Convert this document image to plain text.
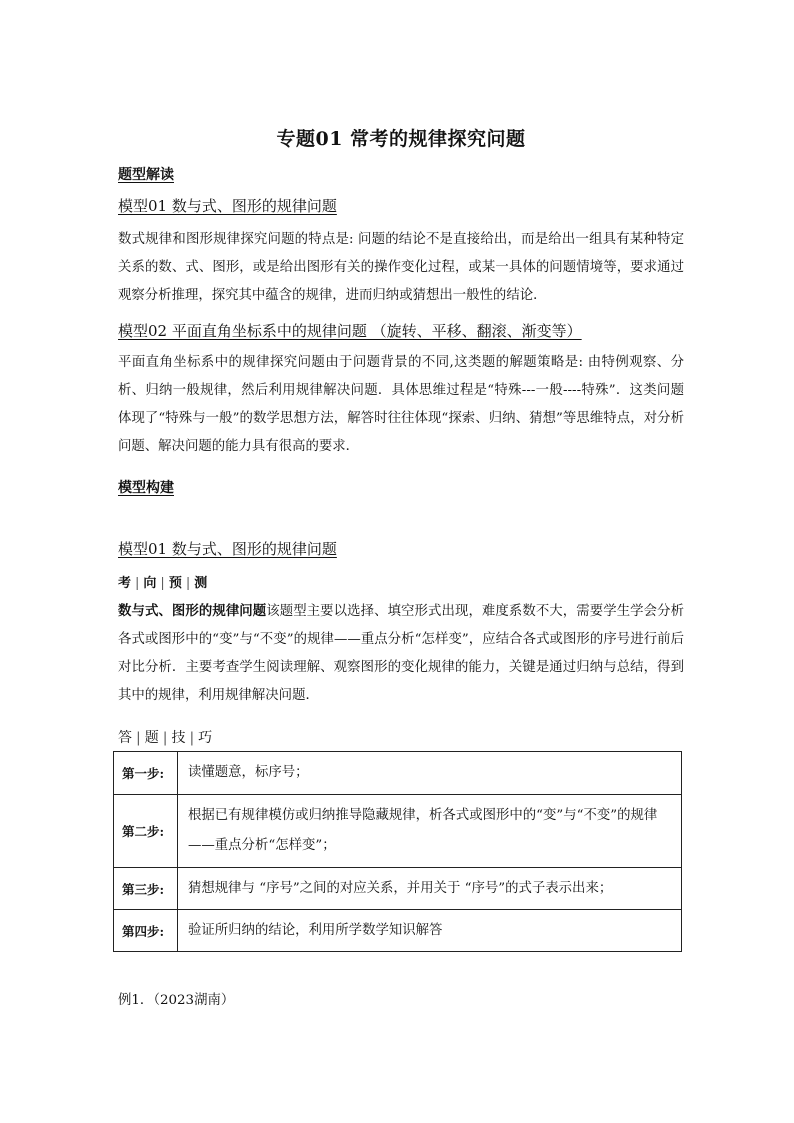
专题01 常考的规律探究问题
题型解读
模型01 数与式、图形的规律问题
数式规律和图形规律探究问题的特点是: 问题的结论不是直接给出，而是给出一组具有某种特定关系的数、式、图形，或是给出图形有关的操作变化过程，或某一具体的问题情境等，要求通过观察分析推理，探究其中蕴含的规律，进而归纳或猜想出一般性的结论．
模型02 平面直角坐标系中的规律问题 （旋转、平移、翻滚、渐变等）
平面直角坐标系中的规律探究问题由于问题背景的不同,这类题的解题策略是: 由特例观察、分析、归纳一般规律，然后利用规律解决问题．具体思维过程是“特殊---一般----特殊”．这类问题体现了“特殊与一般”的数学思想方法，解答时往往体现“探索、归纳、猜想”等思维特点，对分析问题、解决问题的能力具有很高的要求．
模型构建
模型01 数与式、图形的规律问题
考 | 向 | 预 | 测
数与式、图形的规律问题该题型主要以选择、填空形式出现，难度系数不大，需要学生学会分析各式或图形中的“变”与“不变”的规律——重点分析“怎样变”，应结合各式或图形的序号进行前后对比分析．主要考查学生阅读理解、观察图形的变化规律的能力，关键是通过归纳与总结，得到其中的规律，利用规律解决问题．
答 | 题 | 技 | 巧
第一步:	读懂题意，标序号；
第二步:	根据已有规律模仿或归纳推导隐藏规律，析各式或图形中的“变”与“不变”的规律——重点分析“怎样变”；
第三步:	猜想规律与 “序号”之间的对应关系，并用关于 “序号”的式子表示出来；
第四步:	验证所归纳的结论，利用所学数学知识解答
例1．（2023湖南）
